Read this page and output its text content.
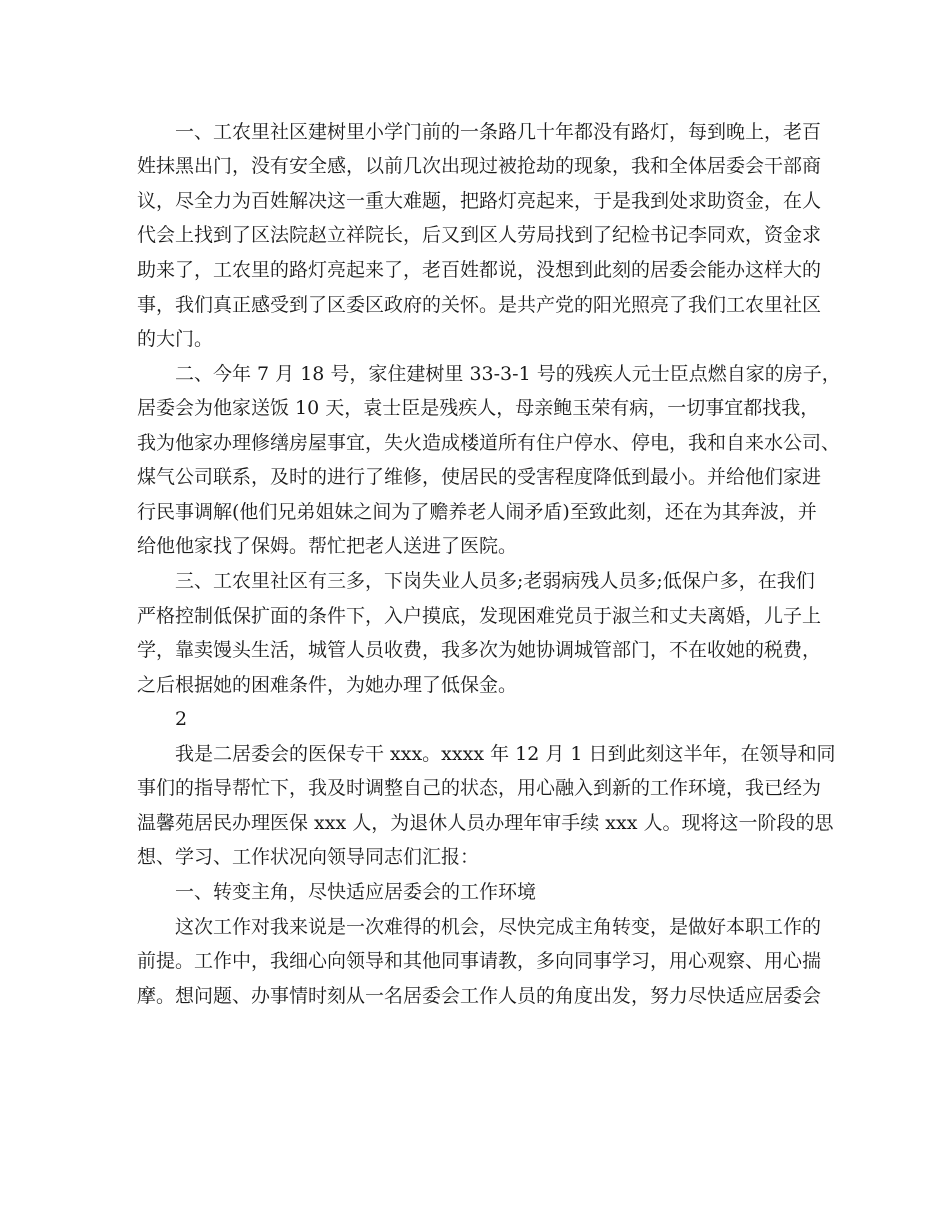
一、工农里社区建树里小学门前的一条路几十年都没有路灯，每到晚上，老百
姓抹黑出门，没有安全感，以前几次出现过被抢劫的现象，我和全体居委会干部商
议，尽全力为百姓解决这一重大难题，把路灯亮起来，于是我到处求助资金，在人
代会上找到了区法院赵立祥院长，后又到区人劳局找到了纪检书记李同欢，资金求
助来了，工农里的路灯亮起来了，老百姓都说，没想到此刻的居委会能办这样大的
事，我们真正感受到了区委区政府的关怀。是共产党的阳光照亮了我们工农里社区
的大门。
二、今年 7 月 18 号，家住建树里 33-3-1 号的残疾人元士臣点燃自家的房子，
居委会为他家送饭 10 天，袁士臣是残疾人，母亲鲍玉荣有病，一切事宜都找我，
我为他家办理修缮房屋事宜，失火造成楼道所有住户停水、停电，我和自来水公司、
煤气公司联系，及时的进行了维修，使居民的受害程度降低到最小。并给他们家进
行民事调解(他们兄弟姐妹之间为了赡养老人闹矛盾)至致此刻，还在为其奔波，并
给他他家找了保姆。帮忙把老人送进了医院。
三、工农里社区有三多，下岗失业人员多;老弱病残人员多;低保户多，在我们
严格控制低保扩面的条件下，入户摸底，发现困难党员于淑兰和丈夫离婚，儿子上
学，靠卖馒头生活，城管人员收费，我多次为她协调城管部门，不在收她的税费，
之后根据她的困难条件，为她办理了低保金。
2
我是二居委会的医保专干 xxx。xxxx 年 12 月 1 日到此刻这半年，在领导和同
事们的指导帮忙下，我及时调整自己的状态，用心融入到新的工作环境，我已经为
温馨苑居民办理医保 xxx 人，为退休人员办理年审手续 xxx 人。现将这一阶段的思
想、学习、工作状况向领导同志们汇报：
一、转变主角，尽快适应居委会的工作环境
这次工作对我来说是一次难得的机会，尽快完成主角转变，是做好本职工作的
前提。工作中，我细心向领导和其他同事请教，多向同事学习，用心观察、用心揣
摩。想问题、办事情时刻从一名居委会工作人员的角度出发，努力尽快适应居委会
